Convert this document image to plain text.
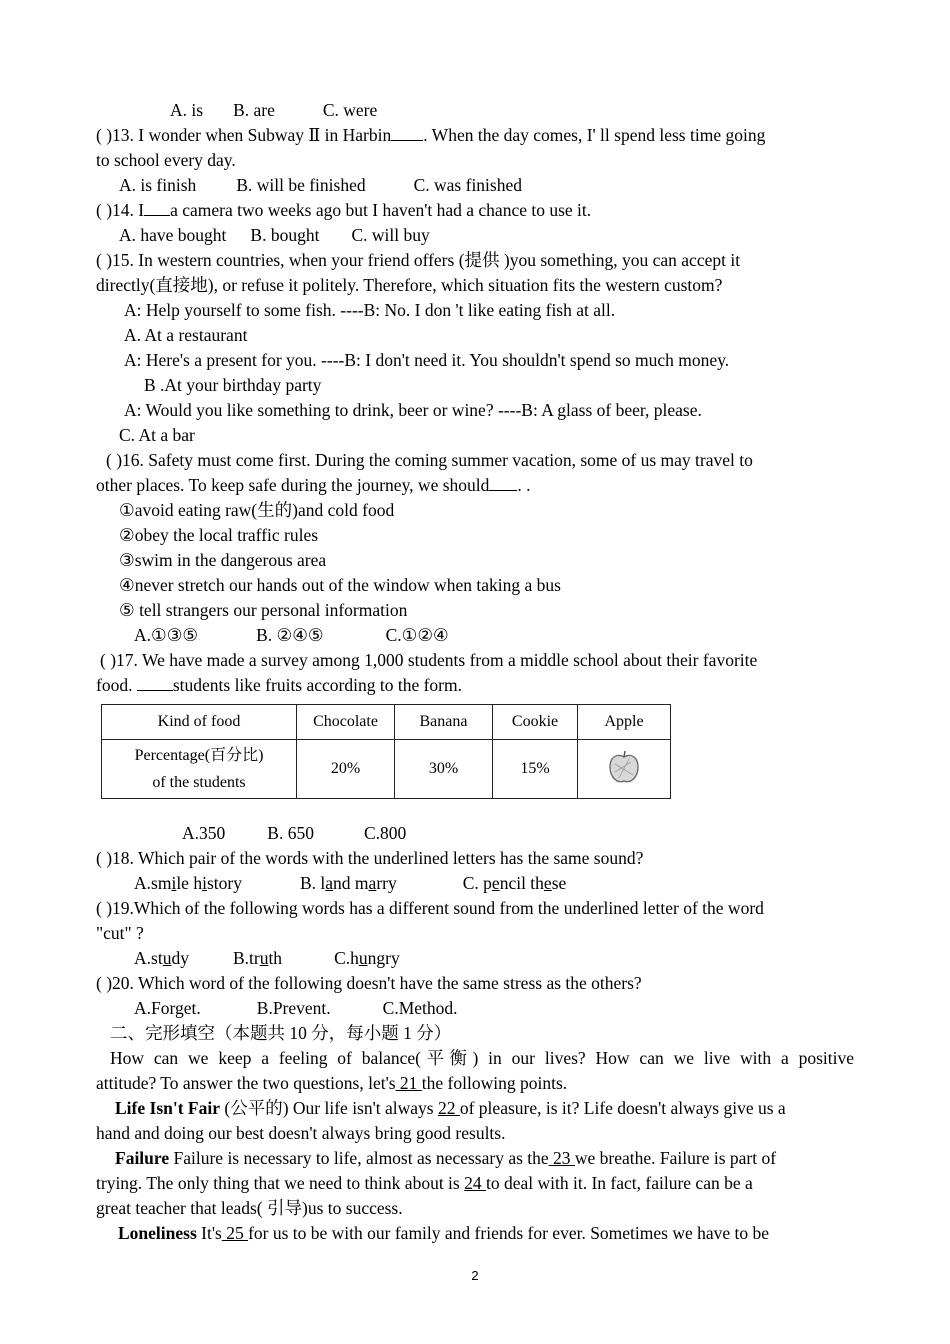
A. is B. are	C. were
( )13. I wonder when Subway Ⅱ in Harbin . When the day comes, I' ll spend less time going
to school every day.
A. is finish B. will be finished	C. was finished
( )14. I a camera two weeks ago but I haven't had a chance to use it.
A. have bought B. bought C. will buy
( )15. In western countries, when your friend offers (提供 )you something, you can accept it
directly(直接地), or refuse it politely. Therefore, which situation fits the western custom?
A: Help yourself to some fish. ----B: No. I don 't like eating fish at all.
A. At a restaurant
A: Here's a present for you. ----B: I don't need it. You shouldn't spend so much money.
B .At your birthday party
A: Would you like something to drink, beer or wine? ----B: A glass of beer, please.
C. At a bar
( )16. Safety must come first. During the coming summer vacation, some of us may travel to
other places. To keep safe during the journey, we should . .
①avoid eating raw(生的)and cold food
②obey the local traffic rules
③swim in the dangerous area
④never stretch our hands out of the window when taking a bus
⑤ tell strangers our personal information
A.①③⑤	B. ②④⑤	C.①②④
( )17. We have made a survey among 1,000 students from a middle school about their favorite
food. students like fruits according to the form.
Kind of food	Chocolate	Banana	Cookie	Apple

Percentage(百分比)
of the students	20%	30%	15%	
A.350 B. 650	C.800
( )18. Which pair of the words with the underlined letters has the same sound?
A.smile history	B. land marry	C. pencil these
( )19.Which of the following words has a different sound from the underlined letter of the word
"cut" ?
A.study	B.truth	C.hungry
( )20. Which word of the following doesn't have the same stress as the others?
A.Forget.	B.Prevent.	C.Method.
二、完形填空（本题共 10 分，每小题 1 分）
How can we keep a feeling of balance(平衡) in our lives? How can we live with a positive
attitude? To answer the two questions, let's 21 the following points.
Life Isn't Fair (公平的) Our life isn't always 22 of pleasure, is it? Life doesn't always give us a
hand and doing our best doesn't always bring good results.
Failure Failure is necessary to life, almost as necessary as the 23 we breathe. Failure is part of
trying. The only thing that we need to think about is 24 to deal with it. In fact, failure can be a
great teacher that leads( 引导)us to success.
Loneliness It's 25 for us to be with our family and friends for ever. Sometimes we have to be
2
